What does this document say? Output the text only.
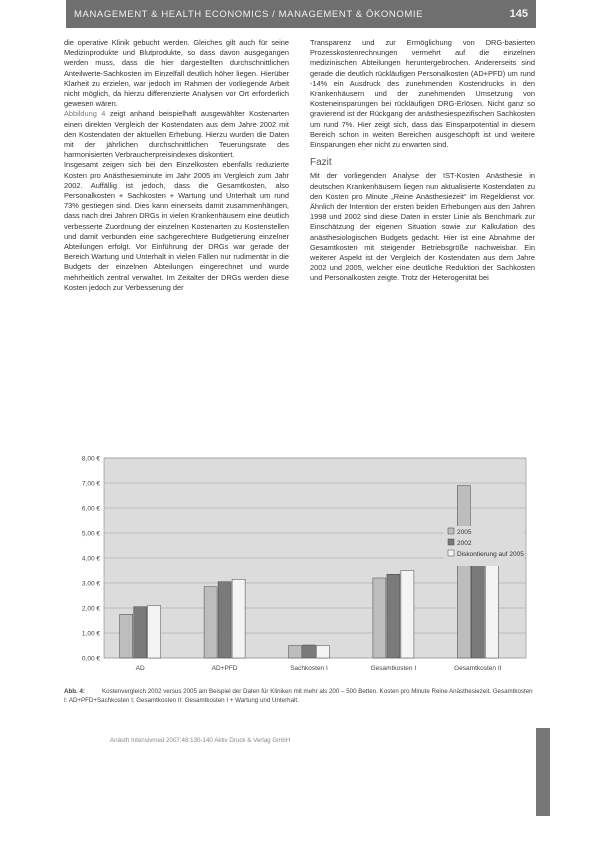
MANAGEMENT & HEALTH ECONOMICS / MANAGEMENT & ÖKONOMIE	145

die operative Klinik gebucht werden. Gleiches gilt auch für seine Medizinprodukte und Blutprodukte, so dass davon ausgegangen werden muss, dass die hier dargestellten durchschnittlichen Anteilwerte-Sachkosten im Einzelfall deutlich höher liegen. Hierüber Klarheit zu erzielen, war jedoch im Rahmen der vorliegende Arbeit nicht möglich, da hierzu differenzierte Analysen vor Ort erforderlich gewesen wären.

Abbildung 4 zeigt anhand beispielhaft ausgewählter Kostenarten einen direkten Vergleich der Kostendaten aus dem Jahre 2002 mit den Kostendaten der aktuellen Erhebung. Hierzu wurden die Daten mit der jährlichen durchschnittlichen Teuerungsrate des harmonisierten Verbraucherpreisindexes diskontiert.

Insgesamt zeigen sich bei den Einzelkosten ebenfalls reduzierte Kosten pro Anästhesieminute im Jahr 2005 im Vergleich zum Jahr 2002. Auffällig ist jedoch, dass die Gesamtkosten, also Personalkosten + Sachkosten + Wartung und Unterhalt um rund 73% gestiegen sind. Dies kann einerseits damit zusammenhängen, dass nach drei Jahren DRGs in vielen Krankenhäusern eine deutlich verbesserte Zuordnung der einzelnen Kostenarten zu Kostenstellen und damit verbunden eine sachgerechtere Budgetierung einzelner Abteilungen erfolgt. Vor Einführung der DRGs war gerade der Bereich Wartung und Unterhalt in vielen Fällen nur rudimentär in die Budgets der einzelnen Abteilungen eingerechnet und wurde mehrheitlich zentral verwaltet. Im Zeitalter der DRGs werden diese Kosten jedoch zur Verbesserung der

Transparenz und zur Ermöglichung von DRG-basierten Prozesskostenrechnungen vermehrt auf die einzelnen medizinischen Abteilungen heruntergebrochen. Andererseits sind gerade die deutlich rückläufigen Personalkosten (AD+PFD) um rund -14% ein Ausdruck des zunehmenden Kostendrucks in den Krankenhäusern und der zunehmenden Umsetzung von Kosteneinsparungen bei rückläufigen DRG-Erlösen. Nicht ganz so gravierend ist der Rückgang der anästhesiespezifischen Sachkosten um rund 7%. Hier zeigt sich, dass das Einsparpotential in diesem Bereich schon in weiten Bereichen ausgeschöpft ist und weitere Einsparungen eher nicht zu erwarten sind.

Fazit

Mit der vorliegenden Analyse der IST-Kosten Anästhesie in deutschen Krankenhäusern liegen nun aktualisierte Kostendaten zu den Kosten pro Minute „Reine Anästhesiezeit“ im Regeldienst vor. Ähnlich der Intention der ersten beiden Erhebungen aus den Jahren 1998 und 2002 sind diese Daten in erster Linie als Benchmark zur Einschätzung der eigenen Situation sowie zur Kalkulation des anästhesiologischen Budgets gedacht. Hier ist eine Abnahme der Gesamtkosten mit steigender Betriebsgröße nachweisbar. Ein weiterer Aspekt ist der Vergleich der Kostendaten aus dem Jahre 2002 und 2005, welcher eine deutliche Reduktion der Sachkosten und Personalkosten zeigte. Trotz der Heterogenität bei

0,00 €
1,00 €
2,00 €
3,00 €
4,00 €
5,00 €
6,00 €
7,00 €
8,00 €
AD	AD+PFD	Sachkosten I	Gesamtkosten I	Gesamtkosten II
2005
2002
Diskontierung auf 2005
Abb. 4:	Kostenvergleich 2002 versus 2005 am Beispiel der Daten für Kliniken mit mehr als 200 – 500 Betten. Kosten pro Minute Reine Anästhesiezeit. Gesamtkosten I: AD+PFD+Sachkosten I; Gesamtkosten II: Gesamtkosten I + Wartung und Unterhalt.
Anästh Intensivmed 2007;48:130-140 Aktiv Druck & Verlag GmbH
